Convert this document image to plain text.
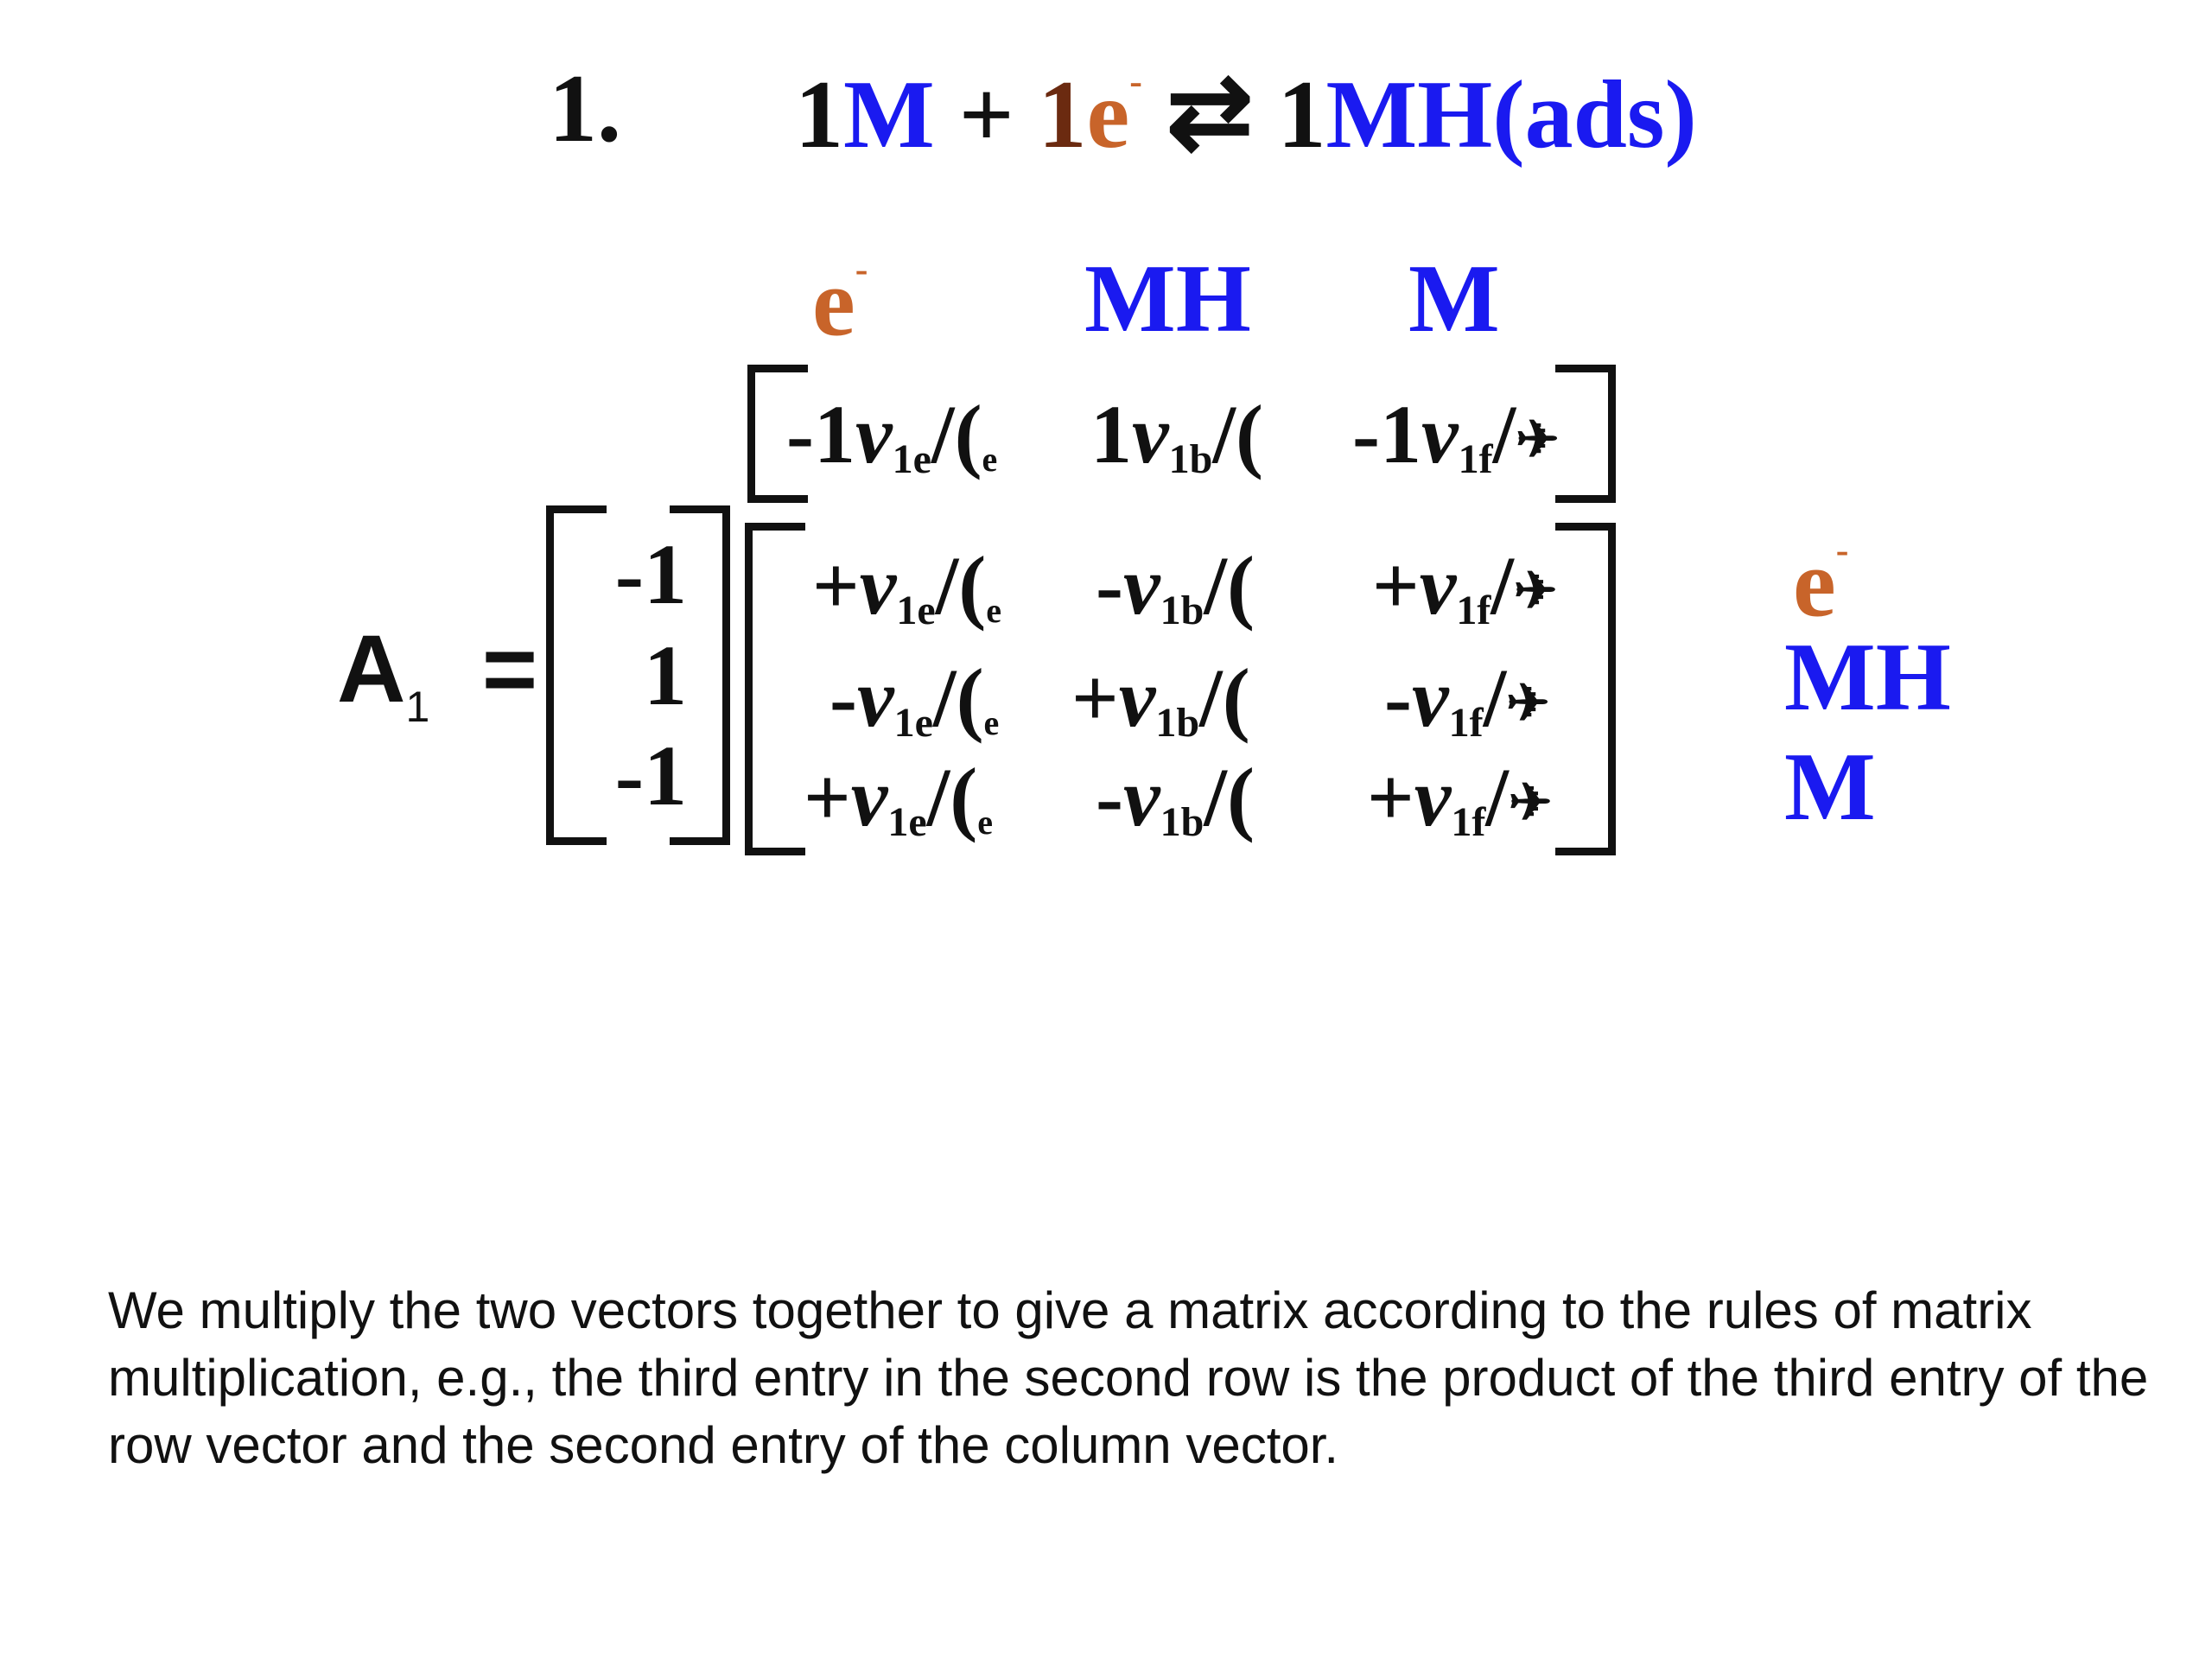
1. 1M + 1e- ⇄ 1MH(ads)
e- MH M
$-1v_{1e}/(_e$ $1v_{1b}/$( $-1v_{1f}/✈$
$A_1$ =
-1
1
-1
$+v_{1e}/(_e$ $-v_{1b}/$( $+v_{1f}/✈$
$-v_{1e}/(_e +v_{1b}/$( $-v_{1f}/✈$
$+v_{1e}/(_e$ $-v_{1b}/$( $+v_{1f}/✈$
e-
MH
M
We multiply the two vectors together to give a matrix according to the rules of matrix multiplication, e.g., the third entry in the second row is the product of the third entry of the row vector and the second entry of the column vector.
